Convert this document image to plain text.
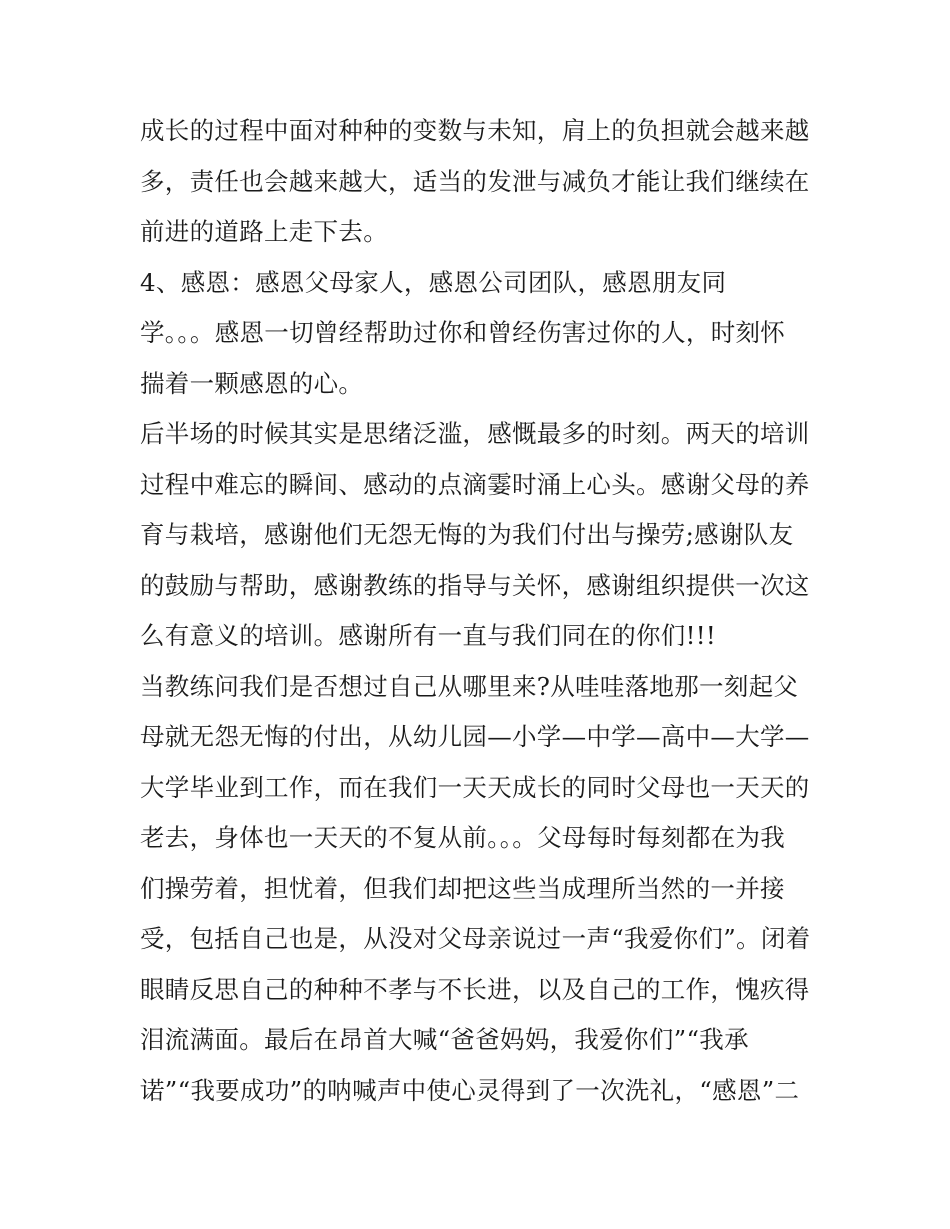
成长的过程中面对种种的变数与未知，肩上的负担就会越来越
多，责任也会越来越大，适当的发泄与减负才能让我们继续在
前进的道路上走下去。
4、感恩：感恩父母家人，感恩公司团队，感恩朋友同
学。。。感恩一切曾经帮助过你和曾经伤害过你的人，时刻怀
揣着一颗感恩的心。
后半场的时候其实是思绪泛滥，感慨最多的时刻。两天的培训
过程中难忘的瞬间、感动的点滴霎时涌上心头。感谢父母的养
育与栽培，感谢他们无怨无悔的为我们付出与操劳;感谢队友
的鼓励与帮助，感谢教练的指导与关怀，感谢组织提供一次这
么有意义的培训。感谢所有一直与我们同在的你们!!!
当教练问我们是否想过自己从哪里来?从哇哇落地那一刻起父
母就无怨无悔的付出，从幼儿园—小学—中学—高中—大学—
大学毕业到工作，而在我们一天天成长的同时父母也一天天的
老去，身体也一天天的不复从前。。。父母每时每刻都在为我
们操劳着，担忧着，但我们却把这些当成理所当然的一并接
受，包括自己也是，从没对父母亲说过一声“我爱你们”。闭着
眼睛反思自己的种种不孝与不长进，以及自己的工作，愧疚得
泪流满面。最后在昂首大喊“爸爸妈妈，我爱你们”“我承
诺”“我要成功”的呐喊声中使心灵得到了一次洗礼，“感恩”二
